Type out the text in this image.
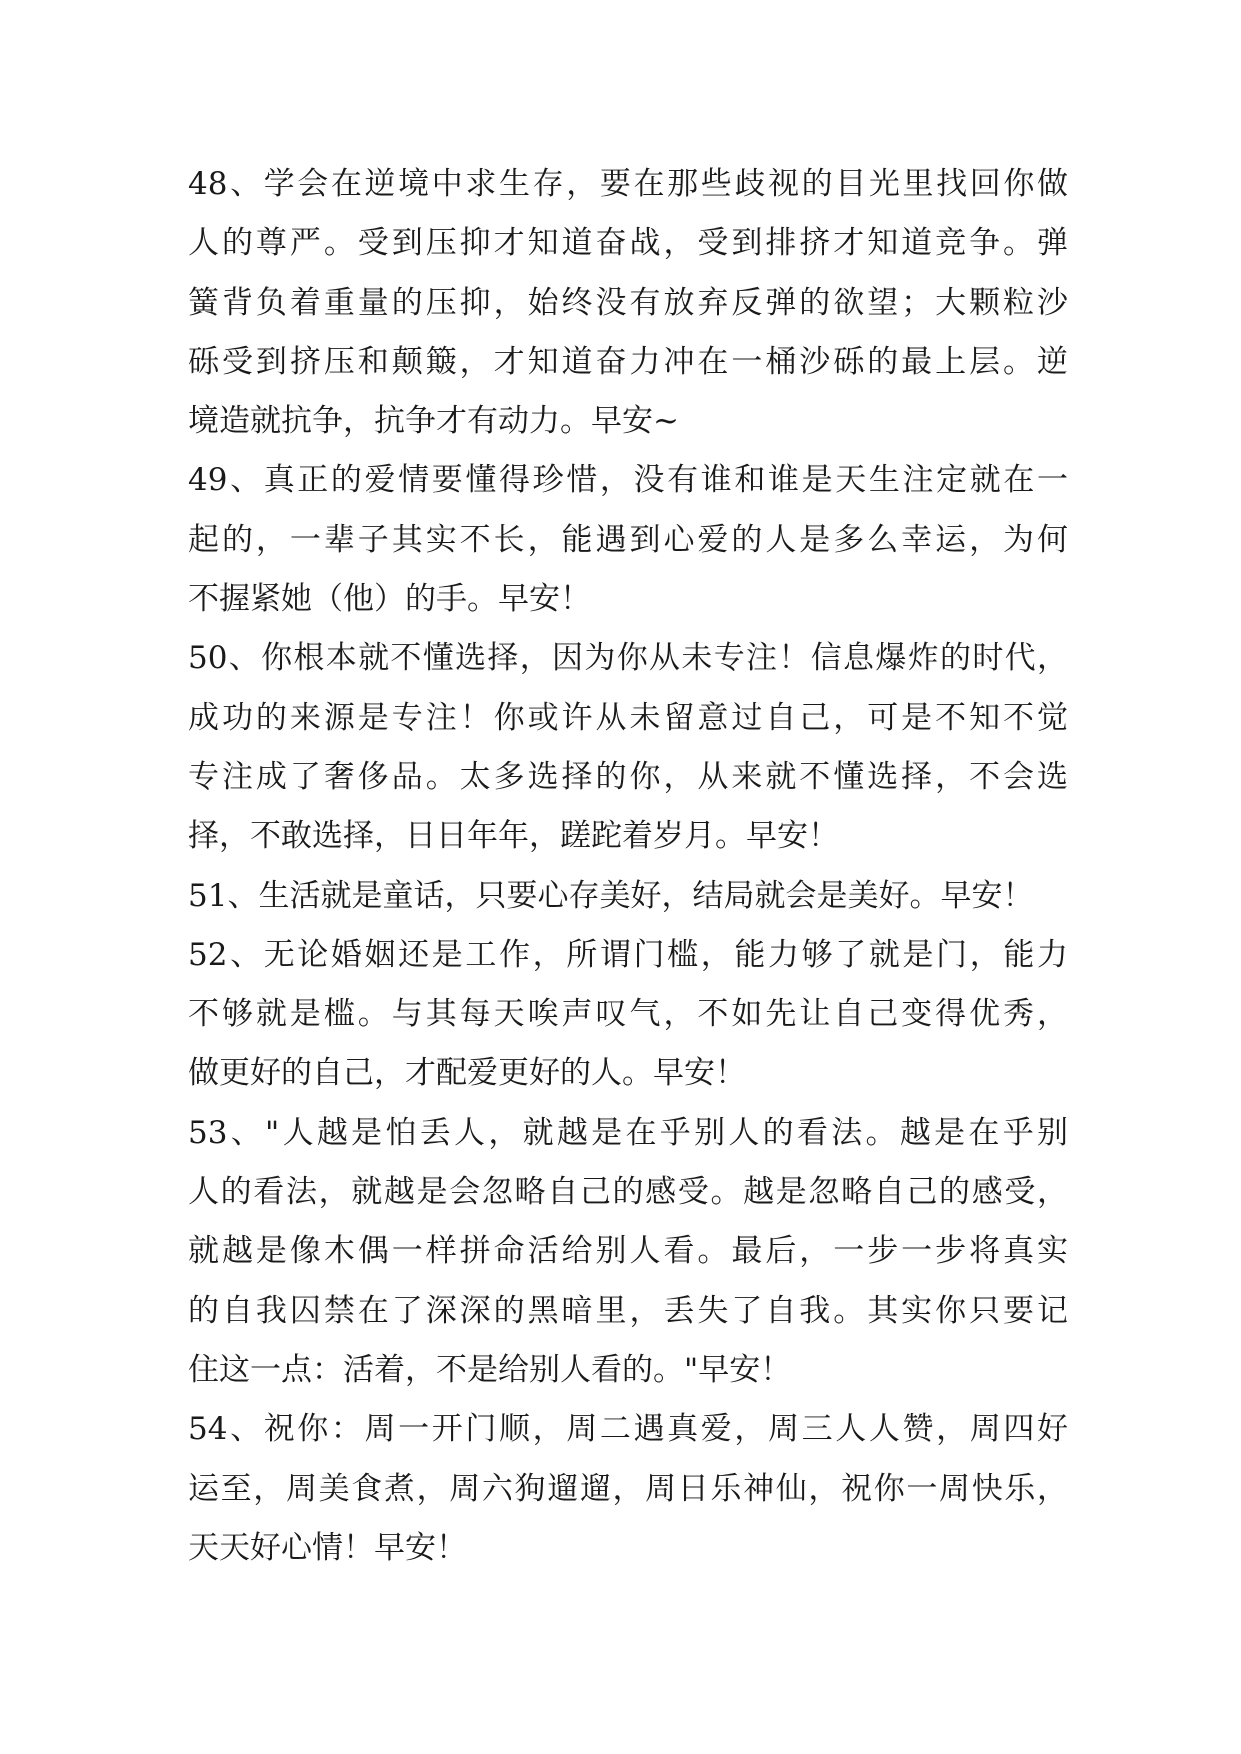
48、学会在逆境中求生存，要在那些歧视的目光里找回你做
人的尊严。受到压抑才知道奋战，受到排挤才知道竞争。弹
簧背负着重量的压抑，始终没有放弃反弹的欲望；大颗粒沙
砾受到挤压和颠簸，才知道奋力冲在一桶沙砾的最上层。逆
境造就抗争，抗争才有动力。早安~
49、真正的爱情要懂得珍惜，没有谁和谁是天生注定就在一
起的，一辈子其实不长，能遇到心爱的人是多么幸运，为何
不握紧她（他）的手。早安！
50、你根本就不懂选择，因为你从未专注！信息爆炸的时代，
成功的来源是专注！你或许从未留意过自己，可是不知不觉
专注成了奢侈品。太多选择的你，从来就不懂选择，不会选
择，不敢选择，日日年年，蹉跎着岁月。早安！
51、生活就是童话，只要心存美好，结局就会是美好。早安！
52、无论婚姻还是工作，所谓门槛，能力够了就是门，能力
不够就是槛。与其每天唉声叹气，不如先让自己变得优秀，
做更好的自己，才配爱更好的人。早安！
53、"人越是怕丢人，就越是在乎别人的看法。越是在乎别
人的看法，就越是会忽略自己的感受。越是忽略自己的感受，
就越是像木偶一样拼命活给别人看。最后，一步一步将真实
的自我囚禁在了深深的黑暗里，丢失了自我。其实你只要记
住这一点：活着，不是给别人看的。"早安！
54、祝你：周一开门顺，周二遇真爱，周三人人赞，周四好
运至，周美食煮，周六狗遛遛，周日乐神仙，祝你一周快乐，
天天好心情！早安！
